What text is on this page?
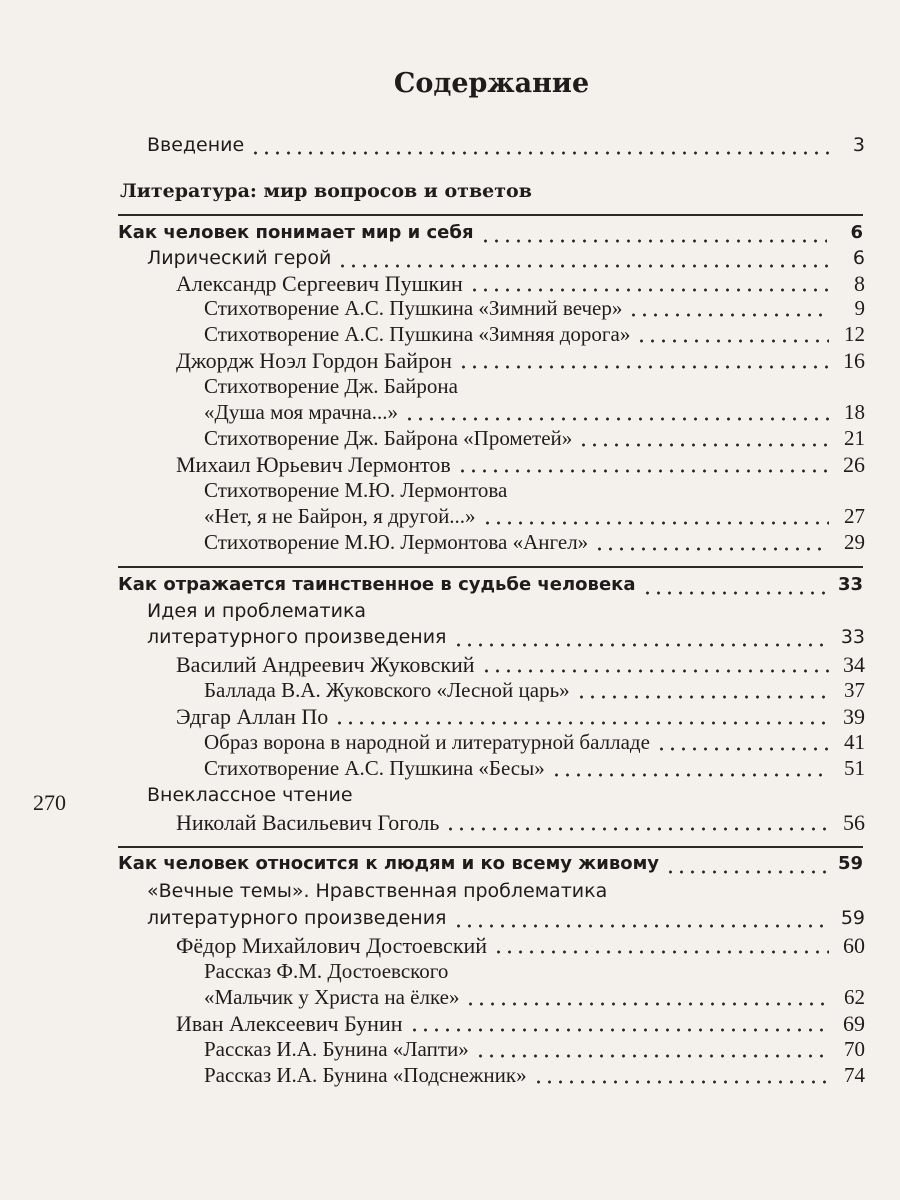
Содержание
Введение	3
Литература: мир вопросов и ответов
Как человек понимает мир и себя	6
Лирический герой	6
Александр Сергеевич Пушкин	8
Стихотворение А.С. Пушкина «Зимний вечер»	9
Стихотворение А.С. Пушкина «Зимняя дорога»	12
Джордж Ноэл Гордон Байрон	16
Стихотворение Дж. Байрона
«Душа моя мрачна...»	18
Стихотворение Дж. Байрона «Прометей»	21
Михаил Юрьевич Лермонтов	26
Стихотворение М.Ю. Лермонтова
«Нет, я не Байрон, я другой...»	27
Стихотворение М.Ю. Лермонтова «Ангел»	29
Как отражается таинственное в судьбе человека	33
Идея и проблематика
литературного произведения	33
Василий Андреевич Жуковский	34
Баллада В.А. Жуковского «Лесной царь»	37
Эдгар Аллан По	39
Образ ворона в народной и литературной балладе	41
Стихотворение А.С. Пушкина «Бесы»	51
Внеклассное чтение
Николай Васильевич Гоголь	56
Как человек относится к людям и ко всему живому	59
«Вечные темы». Нравственная проблематика
литературного произведения	59
Фёдор Михайлович Достоевский	60
Рассказ Ф.М. Достоевского
«Мальчик у Христа на ёлке»	62
Иван Алексеевич Бунин	69
Рассказ И.А. Бунина «Лапти»	70
Рассказ И.А. Бунина «Подснежник»	74
270
